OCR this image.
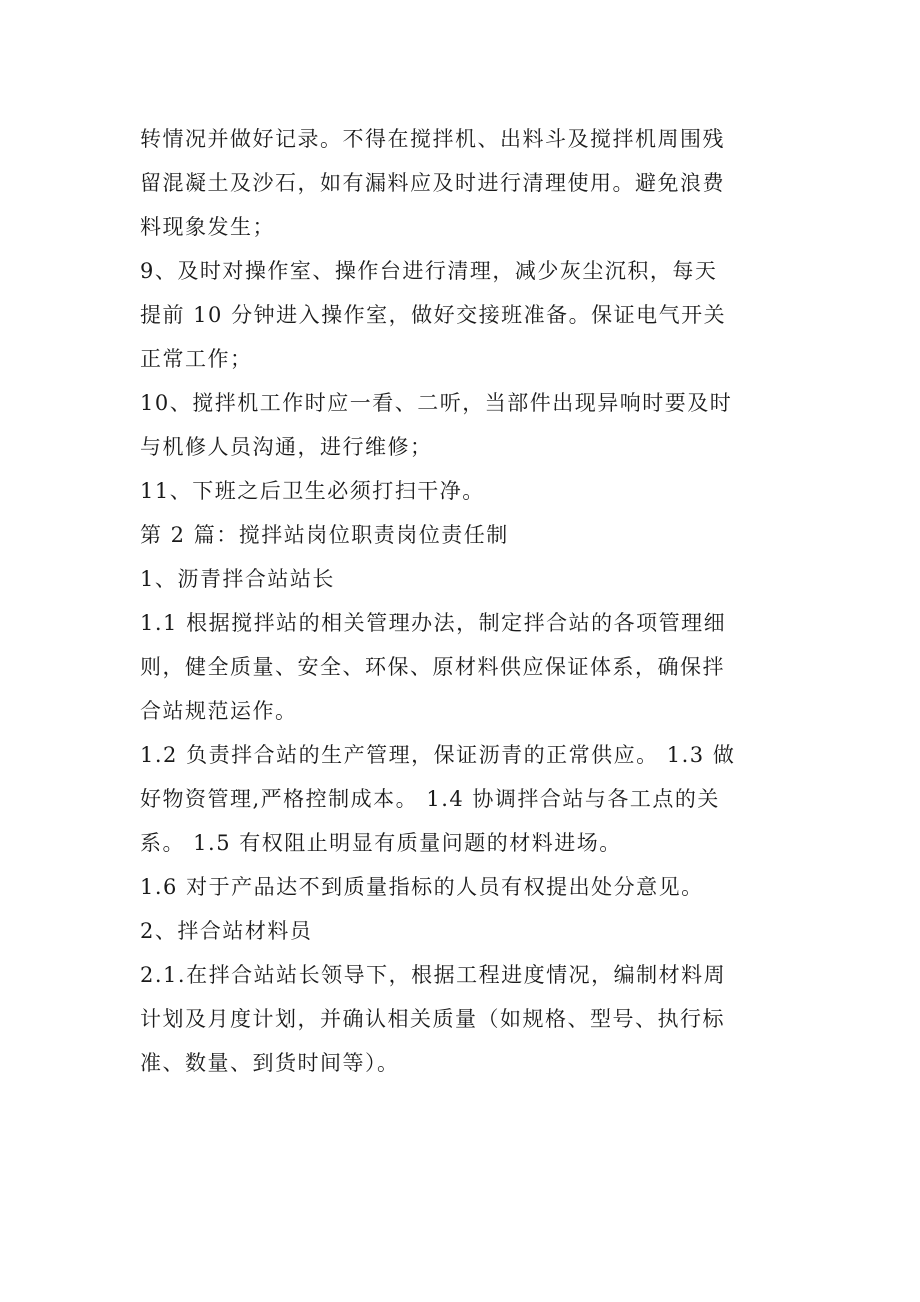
转情况并做好记录。不得在搅拌机、出料斗及搅拌机周围残
留混凝土及沙石，如有漏料应及时进行清理使用。避免浪费
料现象发生；
9、及时对操作室、操作台进行清理，减少灰尘沉积，每天
提前 10 分钟进入操作室，做好交接班准备。保证电气开关
正常工作；
10、搅拌机工作时应一看、二听，当部件出现异响时要及时
与机修人员沟通，进行维修；
11、下班之后卫生必须打扫干净。
第 2 篇：搅拌站岗位职责岗位责任制
1、沥青拌合站站长
1.1 根据搅拌站的相关管理办法，制定拌合站的各项管理细
则，健全质量、安全、环保、原材料供应保证体系，确保拌
合站规范运作。
1.2 负责拌合站的生产管理，保证沥青的正常供应。 1.3 做
好物资管理,严格控制成本。 1.4 协调拌合站与各工点的关
系。 1.5 有权阻止明显有质量问题的材料进场。
1.6 对于产品达不到质量指标的人员有权提出处分意见。
2、拌合站材料员
2.1.在拌合站站长领导下，根据工程进度情况，编制材料周
计划及月度计划，并确认相关质量（如规格、型号、执行标
准、数量、到货时间等）。
